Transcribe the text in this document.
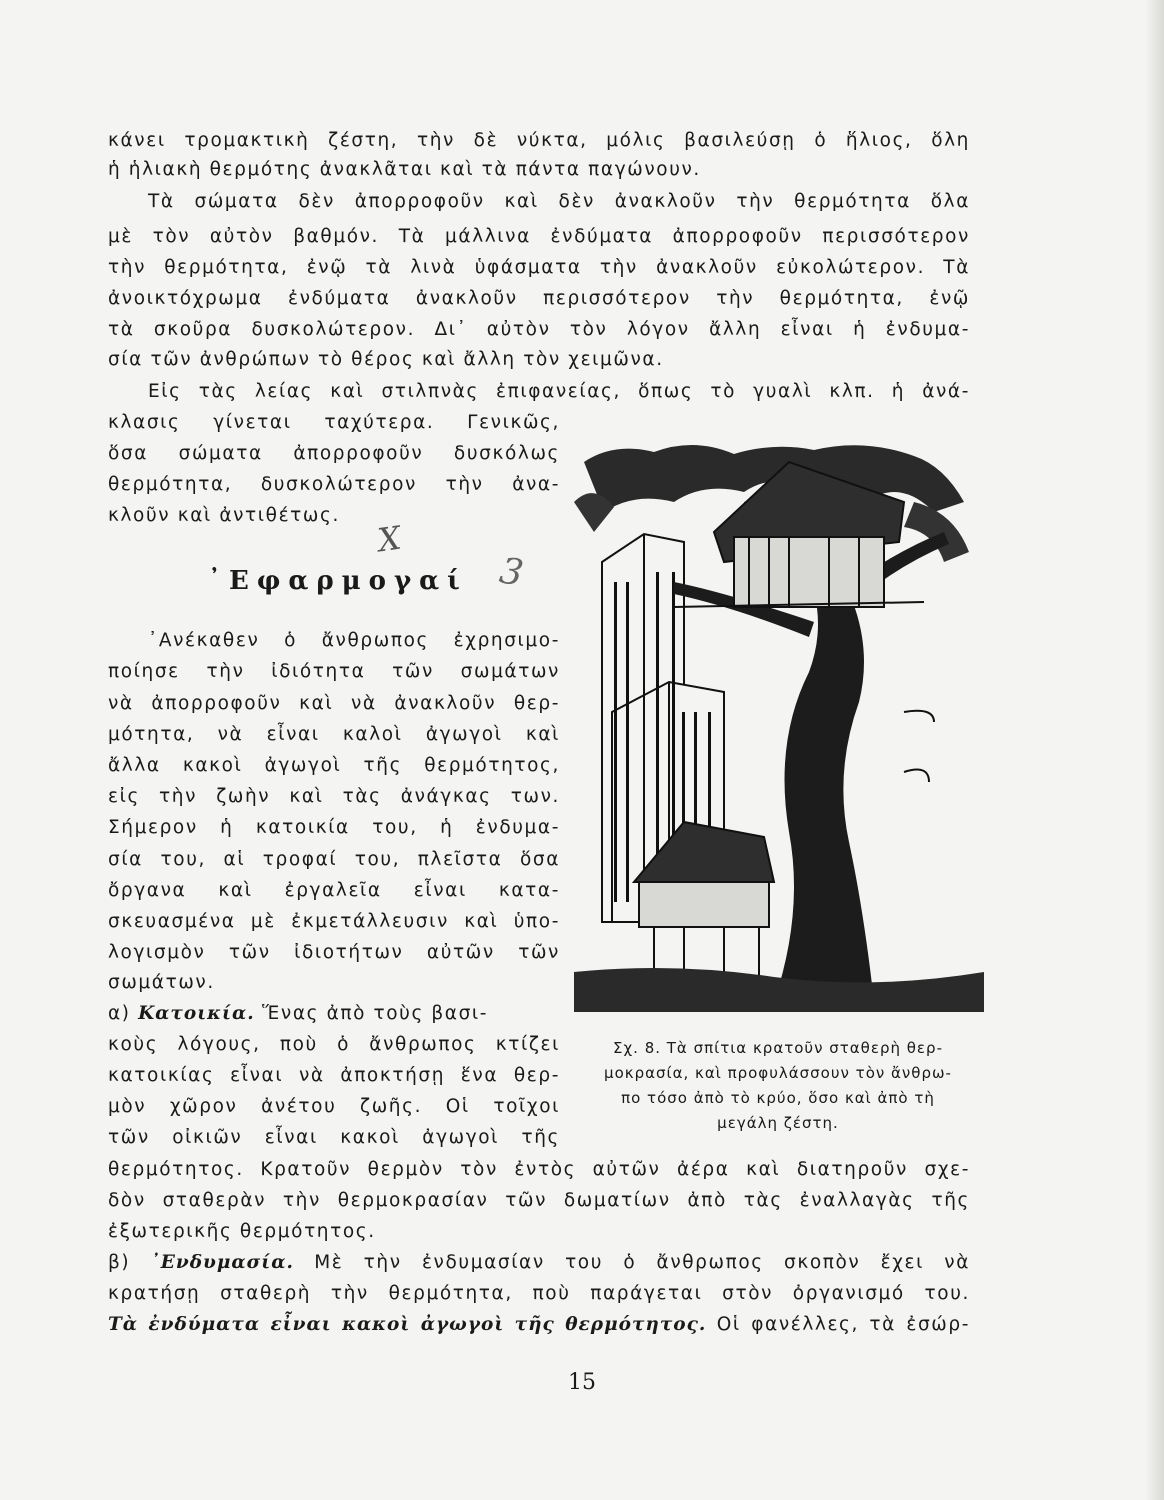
κάνει τρομακτικὴ ζέστη, τὴν δὲ νύκτα, μόλις βασιλεύσῃ ὁ ἥλιος, ὅλη
ἡ ἡλιακὴ θερμότης ἀνακλᾶται καὶ τὰ πάντα παγώνουν.
Τὰ σώματα δὲν ἀπορροφοῦν καὶ δὲν ἀνακλοῦν τὴν θερμότητα ὅλα
μὲ τὸν αὐτὸν βαθμόν. Τὰ μάλλινα ἐνδύματα ἀπορροφοῦν περισσότερον
τὴν θερμότητα, ἐνῷ τὰ λινὰ ὑφάσματα τὴν ἀνακλοῦν εὐκολώτερον. Τὰ
ἀνοικτόχρωμα ἐνδύματα ἀνακλοῦν περισσότερον τὴν θερμότητα, ἐνῷ
τὰ σκοῦρα δυσκολώτερον. Δι᾿ αὐτὸν τὸν λόγον ἄλλη εἶναι ἡ ἐνδυμα-
σία τῶν ἀνθρώπων τὸ θέρος καὶ ἄλλη τὸν χειμῶνα.
Εἰς τὰς λείας καὶ στιλπνὰς ἐπιφανείας, ὅπως τὸ γυαλὶ κλπ. ἡ ἀνά-
κλασις γίνεται ταχύτερα. Γενικῶς,
ὅσα σώματα ἀπορροφοῦν δυσκόλως
θερμότητα, δυσκολώτερον τὴν ἀνα-
κλοῦν καὶ ἀντιθέτως.
X
3
᾿Εφαρμογαί
᾿Ανέκαθεν ὁ ἄνθρωπος ἐχρησιμο-
ποίησε τὴν ἰδιότητα τῶν σωμάτων
νὰ ἀπορροφοῦν καὶ νὰ ἀνακλοῦν θερ-
μότητα, νὰ εἶναι καλοὶ ἀγωγοὶ καὶ
ἄλλα κακοὶ ἀγωγοὶ τῆς θερμότητος,
εἰς τὴν ζωὴν καὶ τὰς ἀνάγκας των.
Σήμερον ἡ κατοικία του, ἡ ἐνδυμα-
σία του, αἱ τροφαί του, πλεῖστα ὅσα
ὄργανα καὶ ἐργαλεῖα εἶναι κατα-
σκευασμένα μὲ ἐκμετάλλευσιν καὶ ὑπο-
λογισμὸν τῶν ἰδιοτήτων αὐτῶν τῶν
σωμάτων.
α) Κατοικία. Ἕνας ἀπὸ τοὺς βασι-
κοὺς λόγους, ποὺ ὁ ἄνθρωπος κτίζει
κατοικίας εἶναι νὰ ἀποκτήσῃ ἕνα θερ-
μὸν χῶρον ἀνέτου ζωῆς. Οἱ τοῖχοι
τῶν οἰκιῶν εἶναι κακοὶ ἀγωγοὶ τῆς
θερμότητος. Κρατοῦν θερμὸν τὸν ἐντὸς αὐτῶν ἀέρα καὶ διατηροῦν σχε-
δὸν σταθερὰν τὴν θερμοκρασίαν τῶν δωματίων ἀπὸ τὰς ἐναλλαγὰς τῆς
ἐξωτερικῆς θερμότητος.
β) ᾿Ενδυμασία. Μὲ τὴν ἐνδυμασίαν του ὁ ἄνθρωπος σκοπὸν ἔχει νὰ
κρατήσῃ σταθερὴ τὴν θερμότητα, ποὺ παράγεται στὸν ὀργανισμό του.
Τὰ ἐνδύματα εἶναι κακοὶ ἀγωγοὶ τῆς θερμότητος. Οἱ φανέλλες, τὰ ἐσώρ-
Σχ. 8. Τὰ σπίτια κρατοῦν σταθερὴ θερ-
μοκρασία, καὶ προφυλάσσουν τὸν ἄνθρω-
πο τόσο ἀπὸ τὸ κρύο, ὅσο καὶ ἀπὸ τὴ
μεγάλη ζέστη.
15
